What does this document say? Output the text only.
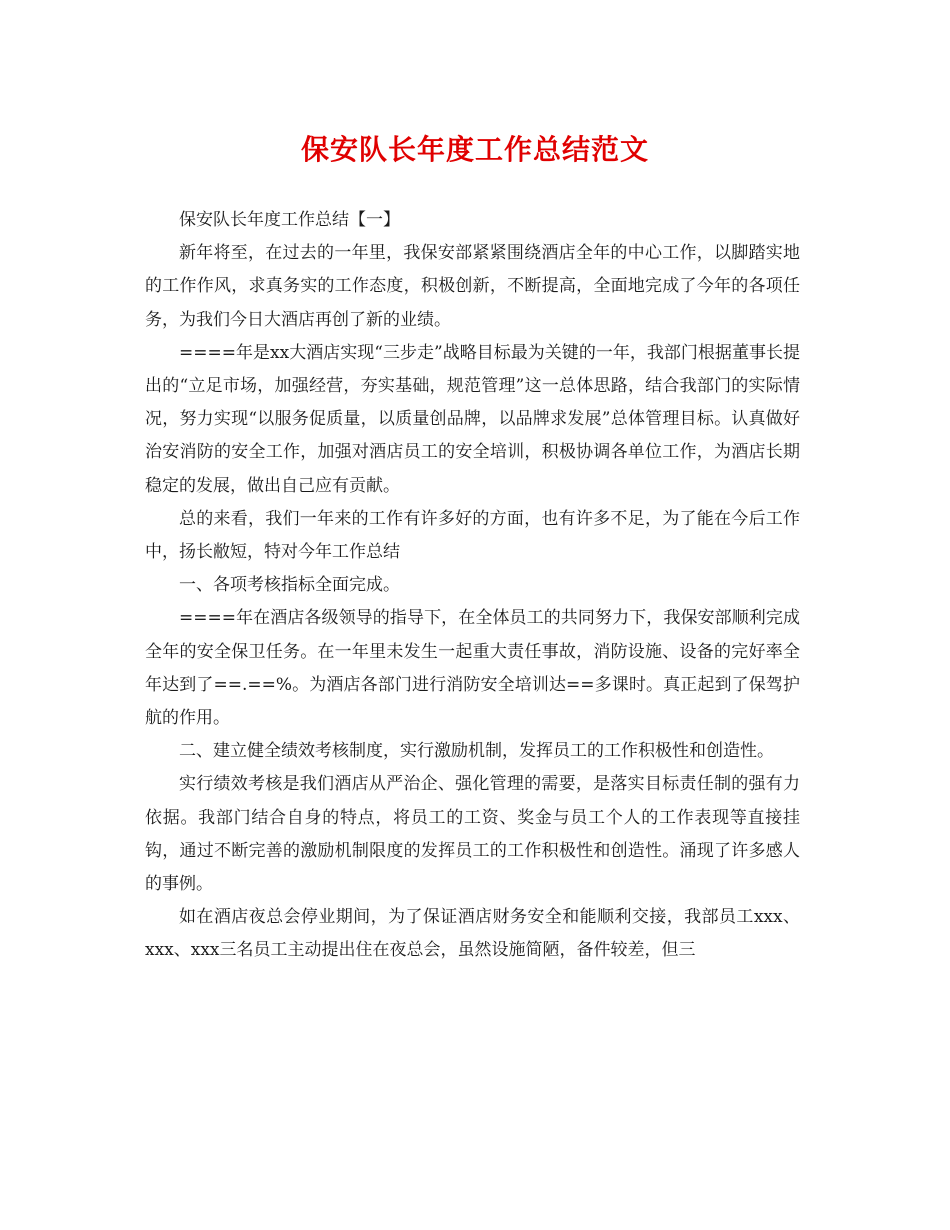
保安队长年度工作总结范文

保安队长年度工作总结【一】

新年将至，在过去的一年里，我保安部紧紧围绕酒店全年的中心工作，以脚踏实地的工作作风，求真务实的工作态度，积极创新，不断提高，全面地完成了今年的各项任务，为我们今日大酒店再创了新的业绩。

====年是xx大酒店实现“三步走”战略目标最为关键的一年，我部门根据董事长提出的“立足市场，加强经营，夯实基础，规范管理”这一总体思路，结合我部门的实际情况，努力实现“以服务促质量，以质量创品牌，以品牌求发展”总体管理目标。认真做好治安消防的安全工作，加强对酒店员工的安全培训，积极协调各单位工作，为酒店长期稳定的发展，做出自己应有贡献。

总的来看，我们一年来的工作有许多好的方面，也有许多不足，为了能在今后工作中，扬长敝短，特对今年工作总结

一、各项考核指标全面完成。

====年在酒店各级领导的指导下，在全体员工的共同努力下，我保安部顺利完成全年的安全保卫任务。在一年里未发生一起重大责任事故，消防设施、设备的完好率全年达到了==.==%。为酒店各部门进行消防安全培训达==多课时。真正起到了保驾护航的作用。

二、建立健全绩效考核制度，实行激励机制，发挥员工的工作积极性和创造性。

实行绩效考核是我们酒店从严治企、强化管理的需要，是落实目标责任制的强有力依据。我部门结合自身的特点，将员工的工资、奖金与员工个人的工作表现等直接挂钩，通过不断完善的激励机制限度的发挥员工的工作积极性和创造性。涌现了许多感人的事例。

如在酒店夜总会停业期间，为了保证酒店财务安全和能顺利交接，我部员工xxx、xxx、xxx三名员工主动提出住在夜总会，虽然设施简陋，备件较差，但三
